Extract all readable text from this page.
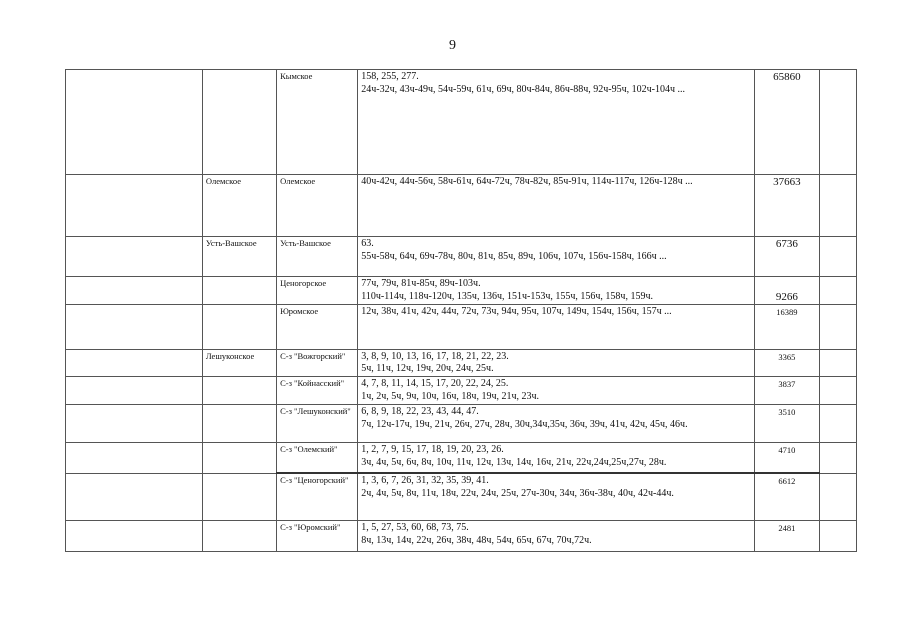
9
		Кымское	158, 255, 277.
24ч-32ч, 43ч-49ч, 54ч-59ч, 61ч, 69ч, 80ч-84ч, 86ч-88ч, 92ч-95ч, 102ч-104ч ...	65860	
	Олемское	Олемское	40ч-42ч, 44ч-56ч, 58ч-61ч, 64ч-72ч, 78ч-82ч, 85ч-91ч, 114ч-117ч, 126ч-128ч ...	37663	
	Усть-Вашское	Усть-Вашское	63.
55ч-58ч, 64ч, 69ч-78ч, 80ч, 81ч, 85ч, 89ч, 106ч, 107ч, 156ч-158ч, 166ч ...	6736	
		Ценогорское	77ч, 79ч, 81ч-85ч, 89ч-103ч.
110ч-114ч, 118ч-120ч, 135ч, 136ч, 151ч-153ч, 155ч, 156ч, 158ч, 159ч.	9266	
		Юромское	12ч, 38ч, 41ч, 42ч, 44ч, 72ч, 73ч, 94ч, 95ч, 107ч, 149ч, 154ч, 156ч, 157ч ...	16389	
	Лешуконское	С-з "Вожгорский"	3, 8, 9, 10, 13, 16, 17, 18, 21, 22, 23.
5ч, 11ч, 12ч, 19ч, 20ч, 24ч, 25ч.	3365	
		С-з "Койнасский"	4, 7, 8, 11, 14, 15, 17, 20, 22, 24, 25.
1ч, 2ч, 5ч, 9ч, 10ч, 16ч, 18ч, 19ч, 21ч, 23ч.	3837	
		С-з "Лешуконский"	6, 8, 9, 18, 22, 23, 43, 44, 47.
7ч, 12ч-17ч, 19ч, 21ч, 26ч, 27ч, 28ч, 30ч,34ч,35ч, 36ч, 39ч, 41ч, 42ч, 45ч, 46ч.	3510	
		С-з "Олемский"	1, 2, 7, 9, 15, 17, 18, 19, 20, 23, 26.
3ч, 4ч, 5ч, 6ч, 8ч, 10ч, 11ч, 12ч, 13ч, 14ч, 16ч, 21ч, 22ч,24ч,25ч,27ч, 28ч.	4710	
		С-з "Ценогорский"	1, 3, 6, 7, 26, 31, 32, 35, 39, 41.
2ч, 4ч, 5ч, 8ч, 11ч, 18ч, 22ч, 24ч, 25ч, 27ч-30ч, 34ч, 36ч-38ч, 40ч, 42ч-44ч.	6612	
		С-з "Юромский"	1, 5, 27, 53, 60, 68, 73, 75.
8ч, 13ч, 14ч, 22ч, 26ч, 38ч, 48ч, 54ч, 65ч, 67ч, 70ч,72ч.	2481	
